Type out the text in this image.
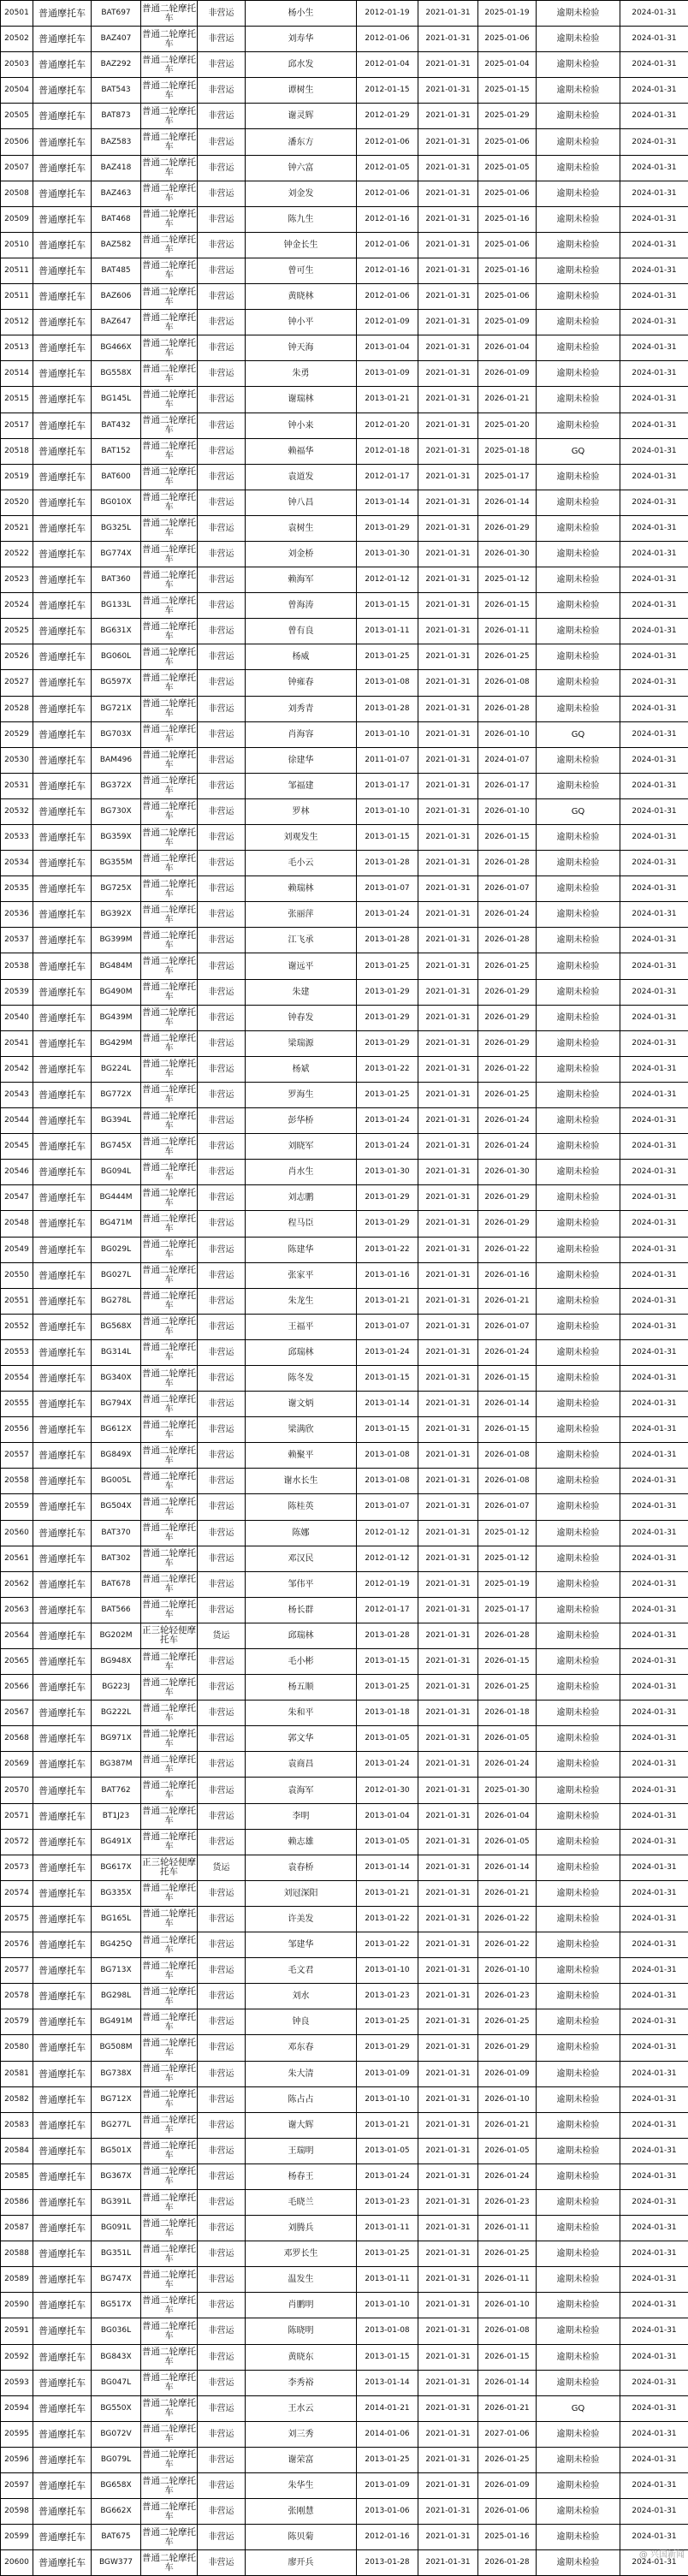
20501	普通摩托车	BAT697	普通二轮摩托车	非营运	杨小生	2012-01-19	2021-01-31	2025-01-19	逾期未检验	2024-01-31
20502	普通摩托车	BAZ407	普通二轮摩托车	非营运	刘寿华	2012-01-06	2021-01-31	2025-01-06	逾期未检验	2024-01-31
20503	普通摩托车	BAZ292	普通二轮摩托车	非营运	邱水发	2012-01-04	2021-01-31	2025-01-04	逾期未检验	2024-01-31
20504	普通摩托车	BAT543	普通二轮摩托车	非营运	谭树生	2012-01-15	2021-01-31	2025-01-15	逾期未检验	2024-01-31
20505	普通摩托车	BAT873	普通二轮摩托车	非营运	谢灵辉	2012-01-29	2021-01-31	2025-01-29	逾期未检验	2024-01-31
20506	普通摩托车	BAZ583	普通二轮摩托车	非营运	潘东方	2012-01-06	2021-01-31	2025-01-06	逾期未检验	2024-01-31
20507	普通摩托车	BAZ418	普通二轮摩托车	非营运	钟六富	2012-01-05	2021-01-31	2025-01-05	逾期未检验	2024-01-31
20508	普通摩托车	BAZ463	普通二轮摩托车	非营运	刘金发	2012-01-06	2021-01-31	2025-01-06	逾期未检验	2024-01-31
20509	普通摩托车	BAT468	普通二轮摩托车	非营运	陈九生	2012-01-16	2021-01-31	2025-01-16	逾期未检验	2024-01-31
20510	普通摩托车	BAZ582	普通二轮摩托车	非营运	钟金长生	2012-01-06	2021-01-31	2025-01-06	逾期未检验	2024-01-31
20511	普通摩托车	BAT485	普通二轮摩托车	非营运	曾可生	2012-01-16	2021-01-31	2025-01-16	逾期未检验	2024-01-31
20511	普通摩托车	BAZ606	普通二轮摩托车	非营运	黄晓林	2012-01-06	2021-01-31	2025-01-06	逾期未检验	2024-01-31
20512	普通摩托车	BAZ647	普通二轮摩托车	非营运	钟小平	2012-01-09	2021-01-31	2025-01-09	逾期未检验	2024-01-31
20513	普通摩托车	BG466X	普通二轮摩托车	非营运	钟天海	2013-01-04	2021-01-31	2026-01-04	逾期未检验	2024-01-31
20514	普通摩托车	BG558X	普通二轮摩托车	非营运	朱勇	2013-01-09	2021-01-31	2026-01-09	逾期未检验	2024-01-31
20515	普通摩托车	BG145L	普通二轮摩托车	非营运	谢瑞林	2013-01-21	2021-01-31	2026-01-21	逾期未检验	2024-01-31
20517	普通摩托车	BAT432	普通二轮摩托车	非营运	钟小来	2012-01-20	2021-01-31	2025-01-20	逾期未检验	2024-01-31
20518	普通摩托车	BAT152	普通二轮摩托车	非营运	赖福华	2012-01-18	2021-01-31	2025-01-18	GQ	2024-01-31
20519	普通摩托车	BAT600	普通二轮摩托车	非营运	袁道发	2012-01-17	2021-01-31	2025-01-17	逾期未检验	2024-01-31
20520	普通摩托车	BG010X	普通二轮摩托车	非营运	钟八昌	2013-01-14	2021-01-31	2026-01-14	逾期未检验	2024-01-31
20521	普通摩托车	BG325L	普通二轮摩托车	非营运	袁树生	2013-01-29	2021-01-31	2026-01-29	逾期未检验	2024-01-31
20522	普通摩托车	BG774X	普通二轮摩托车	非营运	刘金桥	2013-01-30	2021-01-31	2026-01-30	逾期未检验	2024-01-31
20523	普通摩托车	BAT360	普通二轮摩托车	非营运	赖海军	2012-01-12	2021-01-31	2025-01-12	逾期未检验	2024-01-31
20524	普通摩托车	BG133L	普通二轮摩托车	非营运	曾海涛	2013-01-15	2021-01-31	2026-01-15	逾期未检验	2024-01-31
20525	普通摩托车	BG631X	普通二轮摩托车	非营运	曾有良	2013-01-11	2021-01-31	2026-01-11	逾期未检验	2024-01-31
20526	普通摩托车	BG060L	普通二轮摩托车	非营运	杨威	2013-01-25	2021-01-31	2026-01-25	逾期未检验	2024-01-31
20527	普通摩托车	BG597X	普通二轮摩托车	非营运	钟雍春	2013-01-08	2021-01-31	2026-01-08	逾期未检验	2024-01-31
20528	普通摩托车	BG721X	普通二轮摩托车	非营运	刘秀青	2013-01-28	2021-01-31	2026-01-28	逾期未检验	2024-01-31
20529	普通摩托车	BG703X	普通二轮摩托车	非营运	肖海容	2013-01-10	2021-01-31	2026-01-10	GQ	2024-01-31
20530	普通摩托车	BAM496	普通二轮摩托车	非营运	徐建华	2011-01-07	2021-01-31	2024-01-07	逾期未检验	2024-01-31
20531	普通摩托车	BG372X	普通二轮摩托车	非营运	邹福建	2013-01-17	2021-01-31	2026-01-17	逾期未检验	2024-01-31
20532	普通摩托车	BG730X	普通二轮摩托车	非营运	罗林	2013-01-10	2021-01-31	2026-01-10	GQ	2024-01-31
20533	普通摩托车	BG359X	普通二轮摩托车	非营运	刘观发生	2013-01-15	2021-01-31	2026-01-15	逾期未检验	2024-01-31
20534	普通摩托车	BG355M	普通二轮摩托车	非营运	毛小云	2013-01-28	2021-01-31	2026-01-28	逾期未检验	2024-01-31
20535	普通摩托车	BG725X	普通二轮摩托车	非营运	赖瑞林	2013-01-07	2021-01-31	2026-01-07	逾期未检验	2024-01-31
20536	普通摩托车	BG392X	普通二轮摩托车	非营运	张丽萍	2013-01-24	2021-01-31	2026-01-24	逾期未检验	2024-01-31
20537	普通摩托车	BG399M	普通二轮摩托车	非营运	江飞承	2013-01-28	2021-01-31	2026-01-28	逾期未检验	2024-01-31
20538	普通摩托车	BG484M	普通二轮摩托车	非营运	谢远平	2013-01-25	2021-01-31	2026-01-25	逾期未检验	2024-01-31
20539	普通摩托车	BG490M	普通二轮摩托车	非营运	朱建	2013-01-29	2021-01-31	2026-01-29	逾期未检验	2024-01-31
20540	普通摩托车	BG439M	普通二轮摩托车	非营运	钟春发	2013-01-29	2021-01-31	2026-01-29	逾期未检验	2024-01-31
20541	普通摩托车	BG429M	普通二轮摩托车	非营运	梁瑞源	2013-01-29	2021-01-31	2026-01-29	逾期未检验	2024-01-31
20542	普通摩托车	BG224L	普通二轮摩托车	非营运	杨斌	2013-01-22	2021-01-31	2026-01-22	逾期未检验	2024-01-31
20543	普通摩托车	BG772X	普通二轮摩托车	非营运	罗海生	2013-01-25	2021-01-31	2026-01-25	逾期未检验	2024-01-31
20544	普通摩托车	BG394L	普通二轮摩托车	非营运	彭华桥	2013-01-24	2021-01-31	2026-01-24	逾期未检验	2024-01-31
20545	普通摩托车	BG745X	普通二轮摩托车	非营运	刘晓军	2013-01-24	2021-01-31	2026-01-24	逾期未检验	2024-01-31
20546	普通摩托车	BG094L	普通二轮摩托车	非营运	肖水生	2013-01-30	2021-01-31	2026-01-30	逾期未检验	2024-01-31
20547	普通摩托车	BG444M	普通二轮摩托车	非营运	刘志鹏	2013-01-29	2021-01-31	2026-01-29	逾期未检验	2024-01-31
20548	普通摩托车	BG471M	普通二轮摩托车	非营运	程马臣	2013-01-29	2021-01-31	2026-01-29	逾期未检验	2024-01-31
20549	普通摩托车	BG029L	普通二轮摩托车	非营运	陈建华	2013-01-22	2021-01-31	2026-01-22	逾期未检验	2024-01-31
20550	普通摩托车	BG027L	普通二轮摩托车	非营运	张家平	2013-01-16	2021-01-31	2026-01-16	逾期未检验	2024-01-31
20551	普通摩托车	BG278L	普通二轮摩托车	非营运	朱龙生	2013-01-21	2021-01-31	2026-01-21	逾期未检验	2024-01-31
20552	普通摩托车	BG568X	普通二轮摩托车	非营运	王福平	2013-01-07	2021-01-31	2026-01-07	逾期未检验	2024-01-31
20553	普通摩托车	BG314L	普通二轮摩托车	非营运	邱瑞林	2013-01-24	2021-01-31	2026-01-24	逾期未检验	2024-01-31
20554	普通摩托车	BG340X	普通二轮摩托车	非营运	陈冬发	2013-01-15	2021-01-31	2026-01-15	逾期未检验	2024-01-31
20555	普通摩托车	BG794X	普通二轮摩托车	非营运	谢文炳	2013-01-14	2021-01-31	2026-01-14	逾期未检验	2024-01-31
20556	普通摩托车	BG612X	普通二轮摩托车	非营运	梁满欣	2013-01-15	2021-01-31	2026-01-15	逾期未检验	2024-01-31
20557	普通摩托车	BG849X	普通二轮摩托车	非营运	赖聚平	2013-01-08	2021-01-31	2026-01-08	逾期未检验	2024-01-31
20558	普通摩托车	BG005L	普通二轮摩托车	非营运	谢水长生	2013-01-08	2021-01-31	2026-01-08	逾期未检验	2024-01-31
20559	普通摩托车	BG504X	普通二轮摩托车	非营运	陈桂英	2013-01-07	2021-01-31	2026-01-07	逾期未检验	2024-01-31
20560	普通摩托车	BAT370	普通二轮摩托车	非营运	陈娜	2012-01-12	2021-01-31	2025-01-12	逾期未检验	2024-01-31
20561	普通摩托车	BAT302	普通二轮摩托车	非营运	邓汉民	2012-01-12	2021-01-31	2025-01-12	逾期未检验	2024-01-31
20562	普通摩托车	BAT678	普通二轮摩托车	非营运	邹伟平	2012-01-19	2021-01-31	2025-01-19	逾期未检验	2024-01-31
20563	普通摩托车	BAT566	普通二轮摩托车	非营运	杨长群	2012-01-17	2021-01-31	2025-01-17	逾期未检验	2024-01-31
20564	普通摩托车	BG202M	正三轮轻便摩托车	货运	邱瑞林	2013-01-28	2021-01-31	2026-01-28	逾期未检验	2024-01-31
20565	普通摩托车	BG948X	普通二轮摩托车	非营运	毛小彬	2013-01-15	2021-01-31	2026-01-15	逾期未检验	2024-01-31
20566	普通摩托车	BG223J	普通二轮摩托车	非营运	杨五顺	2013-01-25	2021-01-31	2026-01-25	逾期未检验	2024-01-31
20567	普通摩托车	BG222L	普通二轮摩托车	非营运	朱和平	2013-01-18	2021-01-31	2026-01-18	逾期未检验	2024-01-31
20568	普通摩托车	BG971X	普通二轮摩托车	非营运	郭文华	2013-01-05	2021-01-31	2026-01-05	逾期未检验	2024-01-31
20569	普通摩托车	BG387M	普通二轮摩托车	非营运	袁商昌	2013-01-24	2021-01-31	2026-01-24	逾期未检验	2024-01-31
20570	普通摩托车	BAT762	普通二轮摩托车	非营运	袁海军	2012-01-30	2021-01-31	2025-01-30	逾期未检验	2024-01-31
20571	普通摩托车	BT1J23	普通二轮摩托车	非营运	李明	2013-01-04	2021-01-31	2026-01-04	逾期未检验	2024-01-31
20572	普通摩托车	BG491X	普通二轮摩托车	非营运	赖志雄	2013-01-05	2021-01-31	2026-01-05	逾期未检验	2024-01-31
20573	普通摩托车	BG617X	正三轮轻便摩托车	货运	袁春桥	2013-01-14	2021-01-31	2026-01-14	逾期未检验	2024-01-31
20574	普通摩托车	BG335X	普通二轮摩托车	非营运	刘冠深阳	2013-01-21	2021-01-31	2026-01-21	逾期未检验	2024-01-31
20575	普通摩托车	BG165L	普通二轮摩托车	非营运	许美发	2013-01-22	2021-01-31	2026-01-22	逾期未检验	2024-01-31
20576	普通摩托车	BG425Q	普通二轮摩托车	非营运	邹建华	2013-01-22	2021-01-31	2026-01-22	逾期未检验	2024-01-31
20577	普通摩托车	BG713X	普通二轮摩托车	非营运	毛文君	2013-01-10	2021-01-31	2026-01-10	逾期未检验	2024-01-31
20578	普通摩托车	BG298L	普通二轮摩托车	非营运	刘水	2013-01-23	2021-01-31	2026-01-23	逾期未检验	2024-01-31
20579	普通摩托车	BG491M	普通二轮摩托车	非营运	钟良	2013-01-25	2021-01-31	2026-01-25	逾期未检验	2024-01-31
20580	普通摩托车	BG508M	普通二轮摩托车	非营运	邓东春	2013-01-29	2021-01-31	2026-01-29	逾期未检验	2024-01-31
20581	普通摩托车	BG738X	普通二轮摩托车	非营运	朱大清	2013-01-09	2021-01-31	2026-01-09	逾期未检验	2024-01-31
20582	普通摩托车	BG712X	普通二轮摩托车	非营运	陈占占	2013-01-10	2021-01-31	2026-01-10	逾期未检验	2024-01-31
20583	普通摩托车	BG277L	普通二轮摩托车	非营运	谢大辉	2013-01-21	2021-01-31	2026-01-21	逾期未检验	2024-01-31
20584	普通摩托车	BG501X	普通二轮摩托车	非营运	王瑞明	2013-01-05	2021-01-31	2026-01-05	逾期未检验	2024-01-31
20585	普通摩托车	BG367X	普通二轮摩托车	非营运	杨春王	2013-01-24	2021-01-31	2026-01-24	逾期未检验	2024-01-31
20586	普通摩托车	BG391L	普通二轮摩托车	非营运	毛晓兰	2013-01-23	2021-01-31	2026-01-23	逾期未检验	2024-01-31
20587	普通摩托车	BG091L	普通二轮摩托车	非营运	刘腾兵	2013-01-11	2021-01-31	2026-01-11	逾期未检验	2024-01-31
20588	普通摩托车	BG351L	普通二轮摩托车	非营运	邓罗长生	2013-01-25	2021-01-31	2026-01-25	逾期未检验	2024-01-31
20589	普通摩托车	BG747X	普通二轮摩托车	非营运	温发生	2013-01-11	2021-01-31	2026-01-11	逾期未检验	2024-01-31
20590	普通摩托车	BG517X	普通二轮摩托车	非营运	肖鹏明	2013-01-10	2021-01-31	2026-01-10	逾期未检验	2024-01-31
20591	普通摩托车	BG036L	普通二轮摩托车	非营运	陈晓明	2013-01-08	2021-01-31	2026-01-08	逾期未检验	2024-01-31
20592	普通摩托车	BG843X	普通二轮摩托车	非营运	黄晓东	2013-01-15	2021-01-31	2026-01-15	逾期未检验	2024-01-31
20593	普通摩托车	BG047L	普通二轮摩托车	非营运	李秀裕	2013-01-14	2021-01-31	2026-01-14	逾期未检验	2024-01-31
20594	普通摩托车	BG550X	普通二轮摩托车	非营运	王水云	2014-01-21	2021-01-31	2026-01-21	GQ	2024-01-31
20595	普通摩托车	BG072V	普通二轮摩托车	非营运	刘三秀	2014-01-06	2021-01-31	2027-01-06	逾期未检验	2024-01-31
20596	普通摩托车	BG079L	普通二轮摩托车	非营运	谢荣富	2013-01-25	2021-01-31	2026-01-25	逾期未检验	2024-01-31
20597	普通摩托车	BG658X	普通二轮摩托车	非营运	朱华生	2013-01-09	2021-01-31	2026-01-09	逾期未检验	2024-01-31
20598	普通摩托车	BG662X	普通二轮摩托车	非营运	张刚慧	2013-01-06	2021-01-31	2026-01-06	逾期未检验	2024-01-31
20599	普通摩托车	BAT675	普通二轮摩托车	非营运	陈贝菊	2012-01-16	2021-01-31	2025-01-16	逾期未检验	2024-01-31
20600	普通摩托车	BGW377	普通二轮摩托车	非营运	廖开兵	2013-01-28	2021-01-31	2026-01-28	逾期未检验	2024-01-31
@ 兴国新闻
